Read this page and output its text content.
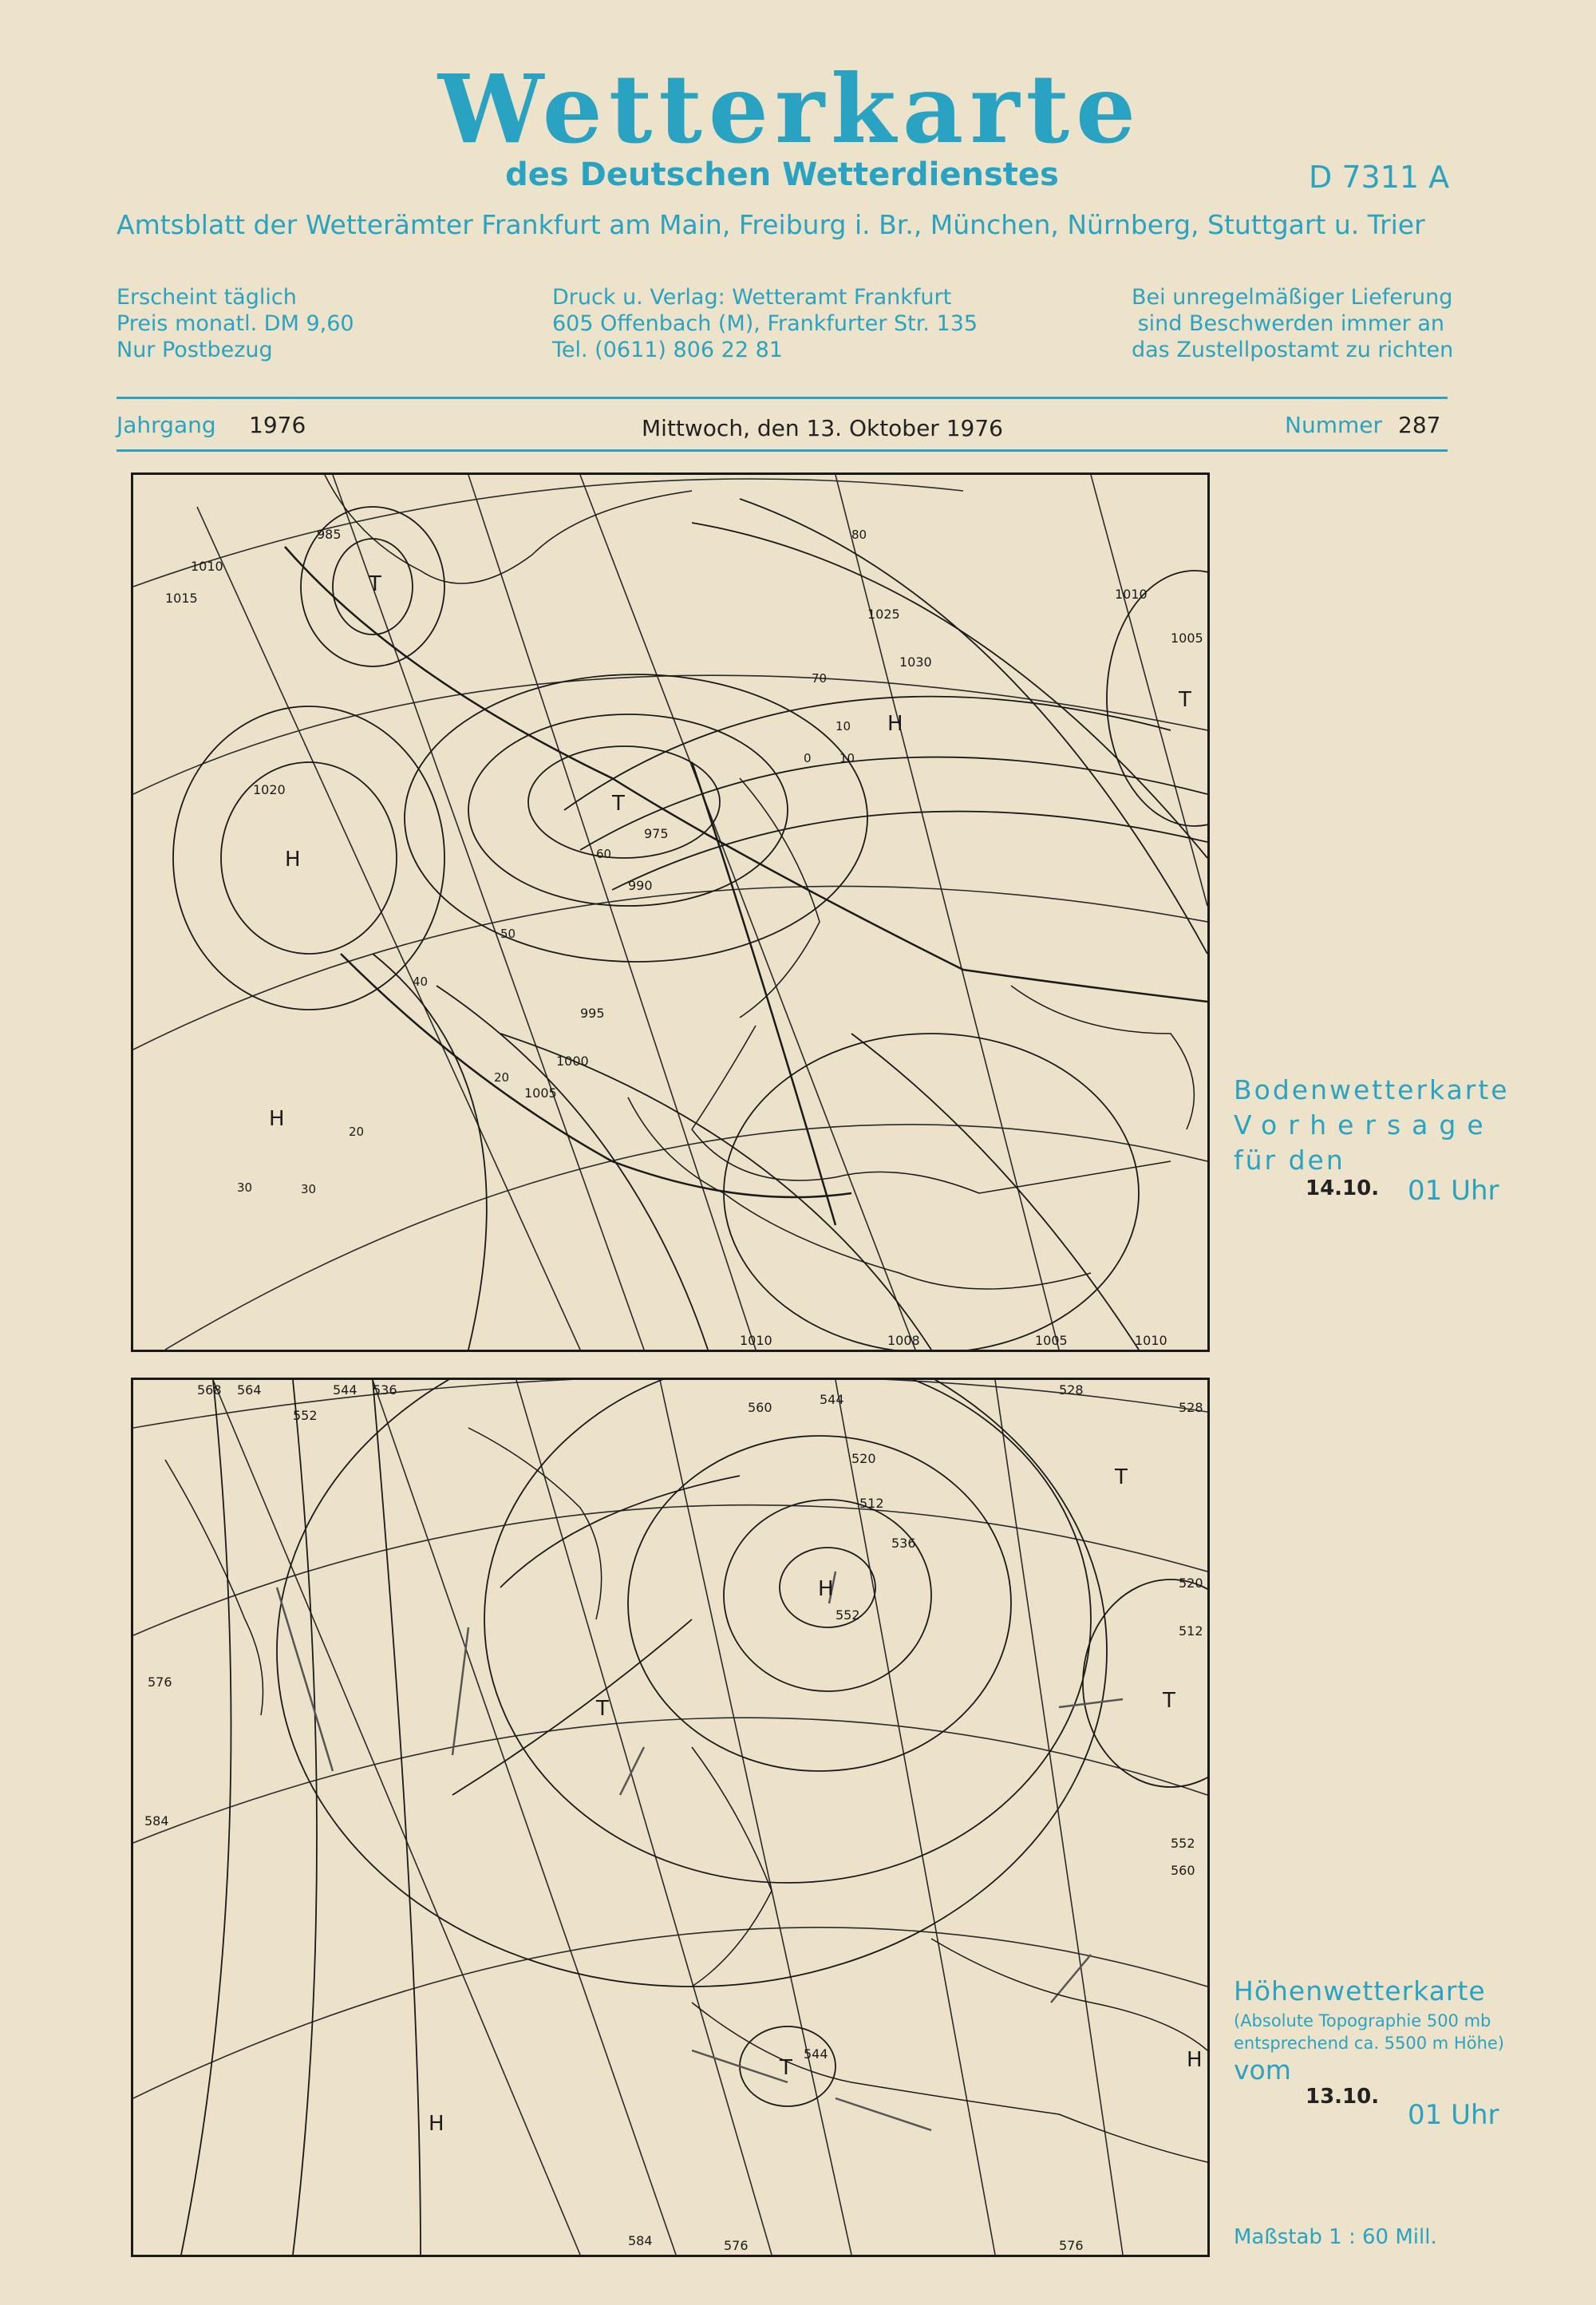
Wetterkarte
des Deutschen Wetterdienstes	D 7311 A
Amtsblatt der Wetterämter Frankfurt am Main, Freiburg i. Br., München, Nürnberg, Stuttgart u. Trier
Erscheint täglich
Preis monatl. DM 9,60
Nur Postbezug
Druck u. Verlag: Wetteramt Frankfurt
605 Offenbach (M), Frankfurter Str. 135
Tel. (0611) 806 22 81
Bei unregelmäßiger Lieferung
sind Beschwerden immer an
das Zustellpostamt zu richten
Jahrgang 1976	Mittwoch, den 13. Oktober 1976	Nummer 287
T
T
T
H
H
H
1010
1015
1020
1005
1000
995
990
985
975
1025
1030
1010
1005
1010	1008	1005	1010
30
40
50
60
70
80
20
10
0 10
20
30
Bodenwetterkarte
Vorhersage
für den
14.10. 01 Uhr
H
T
T
T
T
H
H
568 564
552
544 536	528
520
512
536
544
552
560
576
584
544
528
576
584	576
560
552
520
512
Höhenwetterkarte
(Absolute Topographie 500 mb
entsprechend ca. 5500 m Höhe)
vom
13.10.
01 Uhr
Maßstab 1 : 60 Mill.
